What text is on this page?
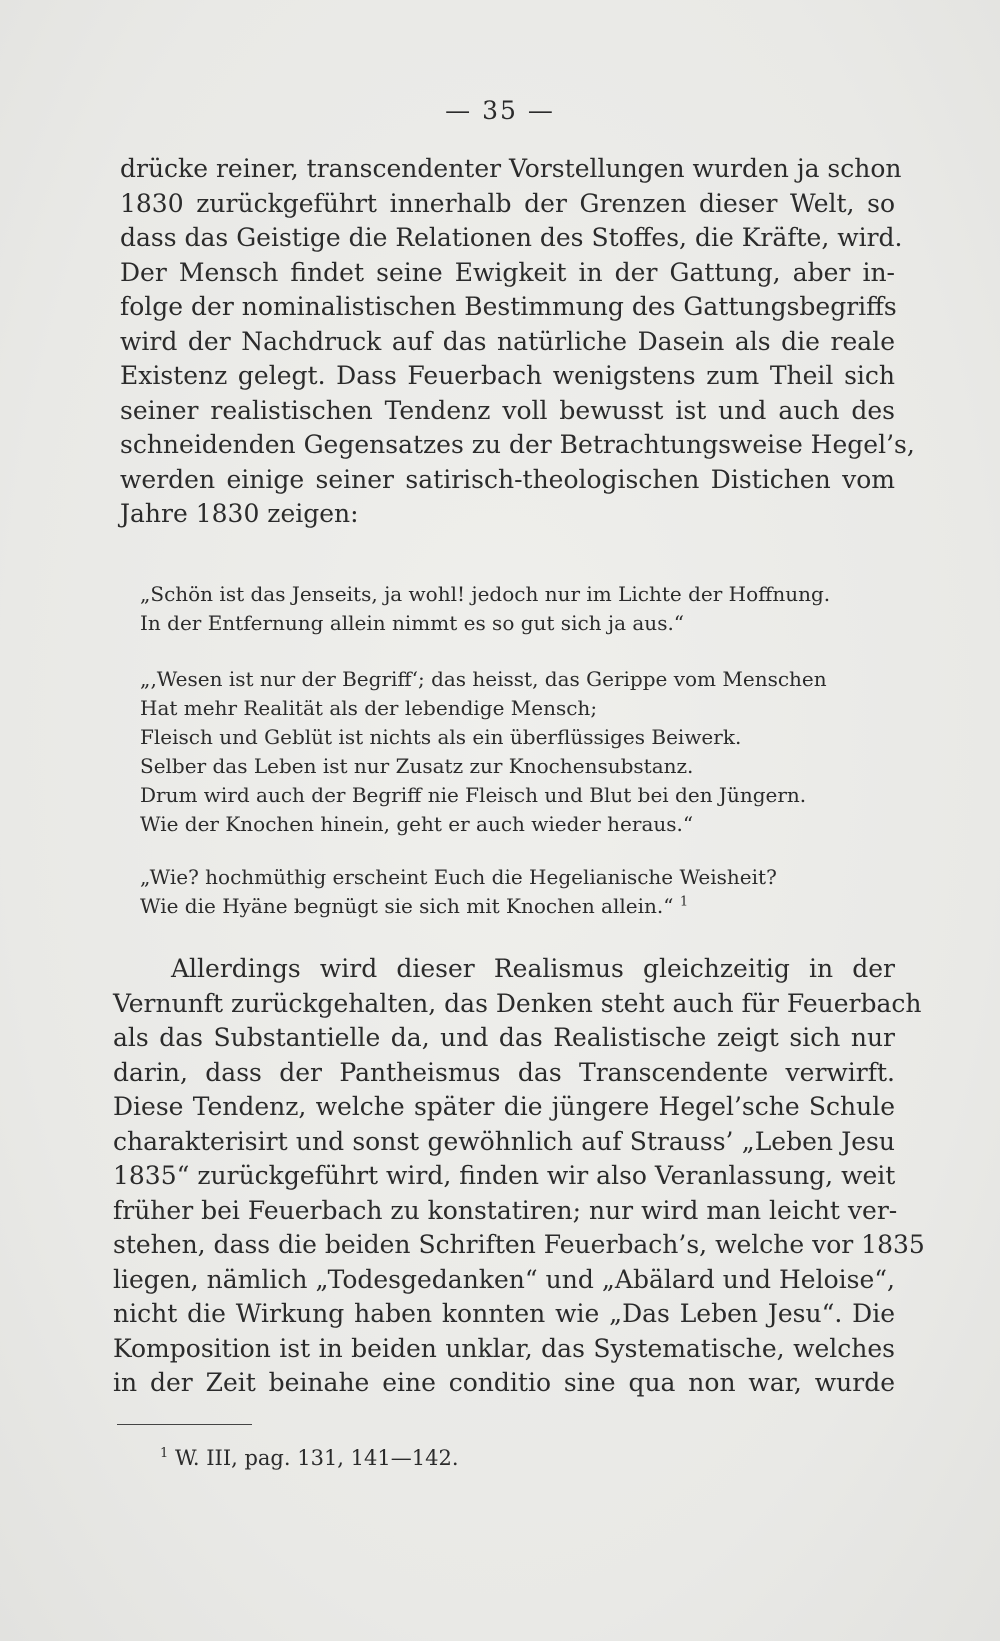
— 35 —
drücke reiner, transcendenter Vorstellungen wurden ja schon
1830 zurückgeführt innerhalb der Grenzen dieser Welt, so
dass das Geistige die Relationen des Stoffes, die Kräfte, wird.
Der Mensch findet seine Ewigkeit in der Gattung, aber in-
folge der nominalistischen Bestimmung des Gattungsbegriffs
wird der Nachdruck auf das natürliche Dasein als die reale
Existenz gelegt. Dass Feuerbach wenigstens zum Theil sich
seiner realistischen Tendenz voll bewusst ist und auch des
schneidenden Gegensatzes zu der Betrachtungsweise Hegel’s,
werden einige seiner satirisch-theologischen Distichen vom
Jahre 1830 zeigen:
„Schön ist das Jenseits, ja wohl! jedoch nur im Lichte der Hoffnung.
In der Entfernung allein nimmt es so gut sich ja aus.“
„‚Wesen ist nur der Begriff‘; das heisst, das Gerippe vom Menschen
Hat mehr Realität als der lebendige Mensch;
Fleisch und Geblüt ist nichts als ein überflüssiges Beiwerk.
Selber das Leben ist nur Zusatz zur Knochensubstanz.
Drum wird auch der Begriff nie Fleisch und Blut bei den Jüngern.
Wie der Knochen hinein, geht er auch wieder heraus.“
„Wie? hochmüthig erscheint Euch die Hegelianische Weisheit?
Wie die Hyäne begnügt sie sich mit Knochen allein.“ $^1$
Allerdings wird dieser Realismus gleichzeitig in der
Vernunft zurückgehalten, das Denken steht auch für Feuerbach
als das Substantielle da, und das Realistische zeigt sich nur
darin, dass der Pantheismus das Transcendente verwirft.
Diese Tendenz, welche später die jüngere Hegel’sche Schule
charakterisirt und sonst gewöhnlich auf Strauss’ „Leben Jesu
1835“ zurückgeführt wird, finden wir also Veranlassung, weit
früher bei Feuerbach zu konstatiren; nur wird man leicht ver-
stehen, dass die beiden Schriften Feuerbach’s, welche vor 1835
liegen, nämlich „Todesgedanken“ und „Abälard und Heloise“,
nicht die Wirkung haben konnten wie „Das Leben Jesu“. Die
Komposition ist in beiden unklar, das Systematische, welches
in der Zeit beinahe eine conditio sine qua non war, wurde
$^1$ W. III, pag. 131, 141—142.
